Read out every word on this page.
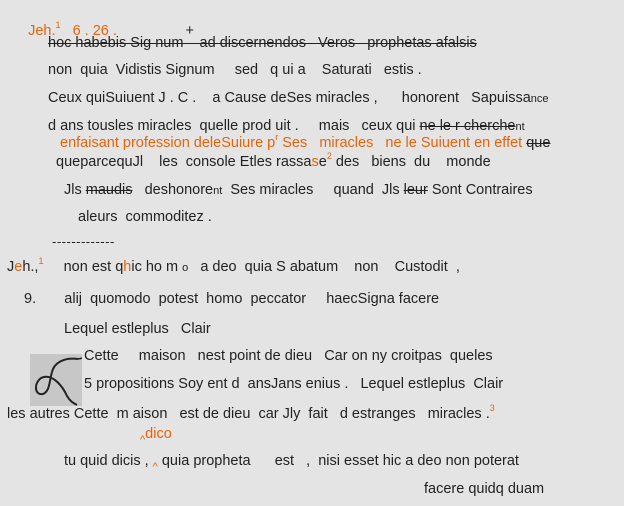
Jeh.$^1$ 6 . 26 .	+

hoc habebis Sig num    ad discernendos   Veros   prophetas afalsis
non  quia  Vidistis Signum     sed   q ui a    Saturati   estis .
Ceux quiSuiuent J . C .    a Cause deSes miracles ,      honorent   Sapuissance
d ans tousles miracles  quelle prod uit .     mais   ceux qui ne le r cherchent
enfaisant profession deleSuiure $p^r$ Ses   miracles   ne le Suiuent en effet que
queparcequJl    les  console Etles rassase$^2$ des   biens  du    monde
Jls maudis   deshonorent  Ses miracles     quand  Jls leur Sont Contraires
aleurs  commoditez .
-------------
Jeh.,$^1$     non est qhic ho m o   a deo  quia S abatum    non    Custodit  ,
9.       alij  quomodo  potest  homo  peccator     haecSigna facere
Lequel estleplus   Clair
Cette     maison   nest point de dieu   Car on ny croitpas  queles
5 propositions Soy ent d  ansJans enius .   Lequel estleplus  Clair
les autres Cette  m aison   est de dieu  car Jly  fait   d estranges   miracles .$^3$
$_{\^{}}$dico
tu quid dicis , $_{\^{}}$ quia propheta      est   ,  nisi esset hic a deo non poterat
facere quidq duam
